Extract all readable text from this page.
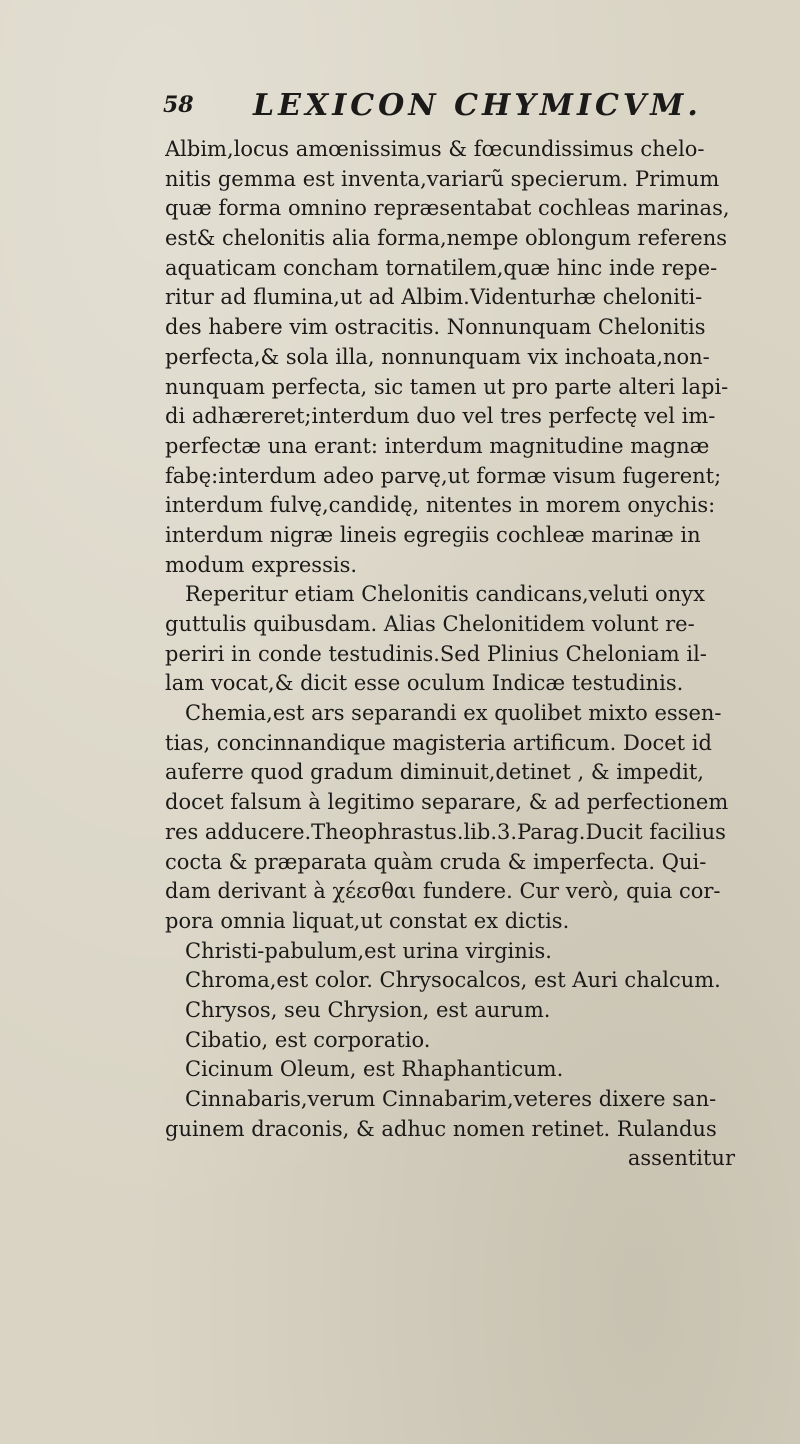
58 LEXICON CHYMICVM.
Albim,locus amœnissimus & fœcundissimus chelo-
nitis gemma est inventa,variarũ specierum. Primum
quæ forma omnino repræsentabat cochleas marinas,
est& chelonitis alia forma,nempe oblongum referens
aquaticam concham tornatilem,quæ hinc inde repe-
ritur ad flumina,ut ad Albim.Videnturhæ cheloniti-
des habere vim ostracitis. Nonnunquam Chelonitis
perfecta,& sola illa, nonnunquam vix inchoata,non-
nunquam perfecta, sic tamen ut pro parte alteri lapi-
di adhæreret;interdum duo vel tres perfectę vel im-
perfectæ una erant: interdum magnitudine magnæ
fabę:interdum adeo parvę,ut formæ visum fugerent;
interdum fulvę,candidę, nitentes in morem onychis:
interdum nigræ lineis egregiis cochleæ marinæ in
modum expressis.
Reperitur etiam Chelonitis candicans,veluti onyx
guttulis quibusdam. Alias Chelonitidem volunt re-
periri in conde testudinis.Sed Plinius Cheloniam il-
lam vocat,& dicit esse oculum Indicæ testudinis.
Chemia,est ars separandi ex quolibet mixto essen-
tias, concinnandique magisteria artificum. Docet id
auferre quod gradum diminuit,detinet , & impedit,
docet falsum à legitimo separare, & ad perfectionem
res adducere.Theophrastus.lib.3.Parag.Ducit facilius
cocta & præparata quàm cruda & imperfecta. Qui-
dam derivant à χέεσθαι fundere. Cur verò, quia cor-
pora omnia liquat,ut constat ex dictis.
Christi-pabulum,est urina virginis.
Chroma,est color. Chrysocalcos, est Auri chalcum.
Chrysos, seu Chrysion, est aurum.
Cibatio, est corporatio.
Cicinum Oleum, est Rhaphanticum.
Cinnabaris,verum Cinnabarim,veteres dixere san-
guinem draconis, & adhuc nomen retinet. Rulandus
assentitur
